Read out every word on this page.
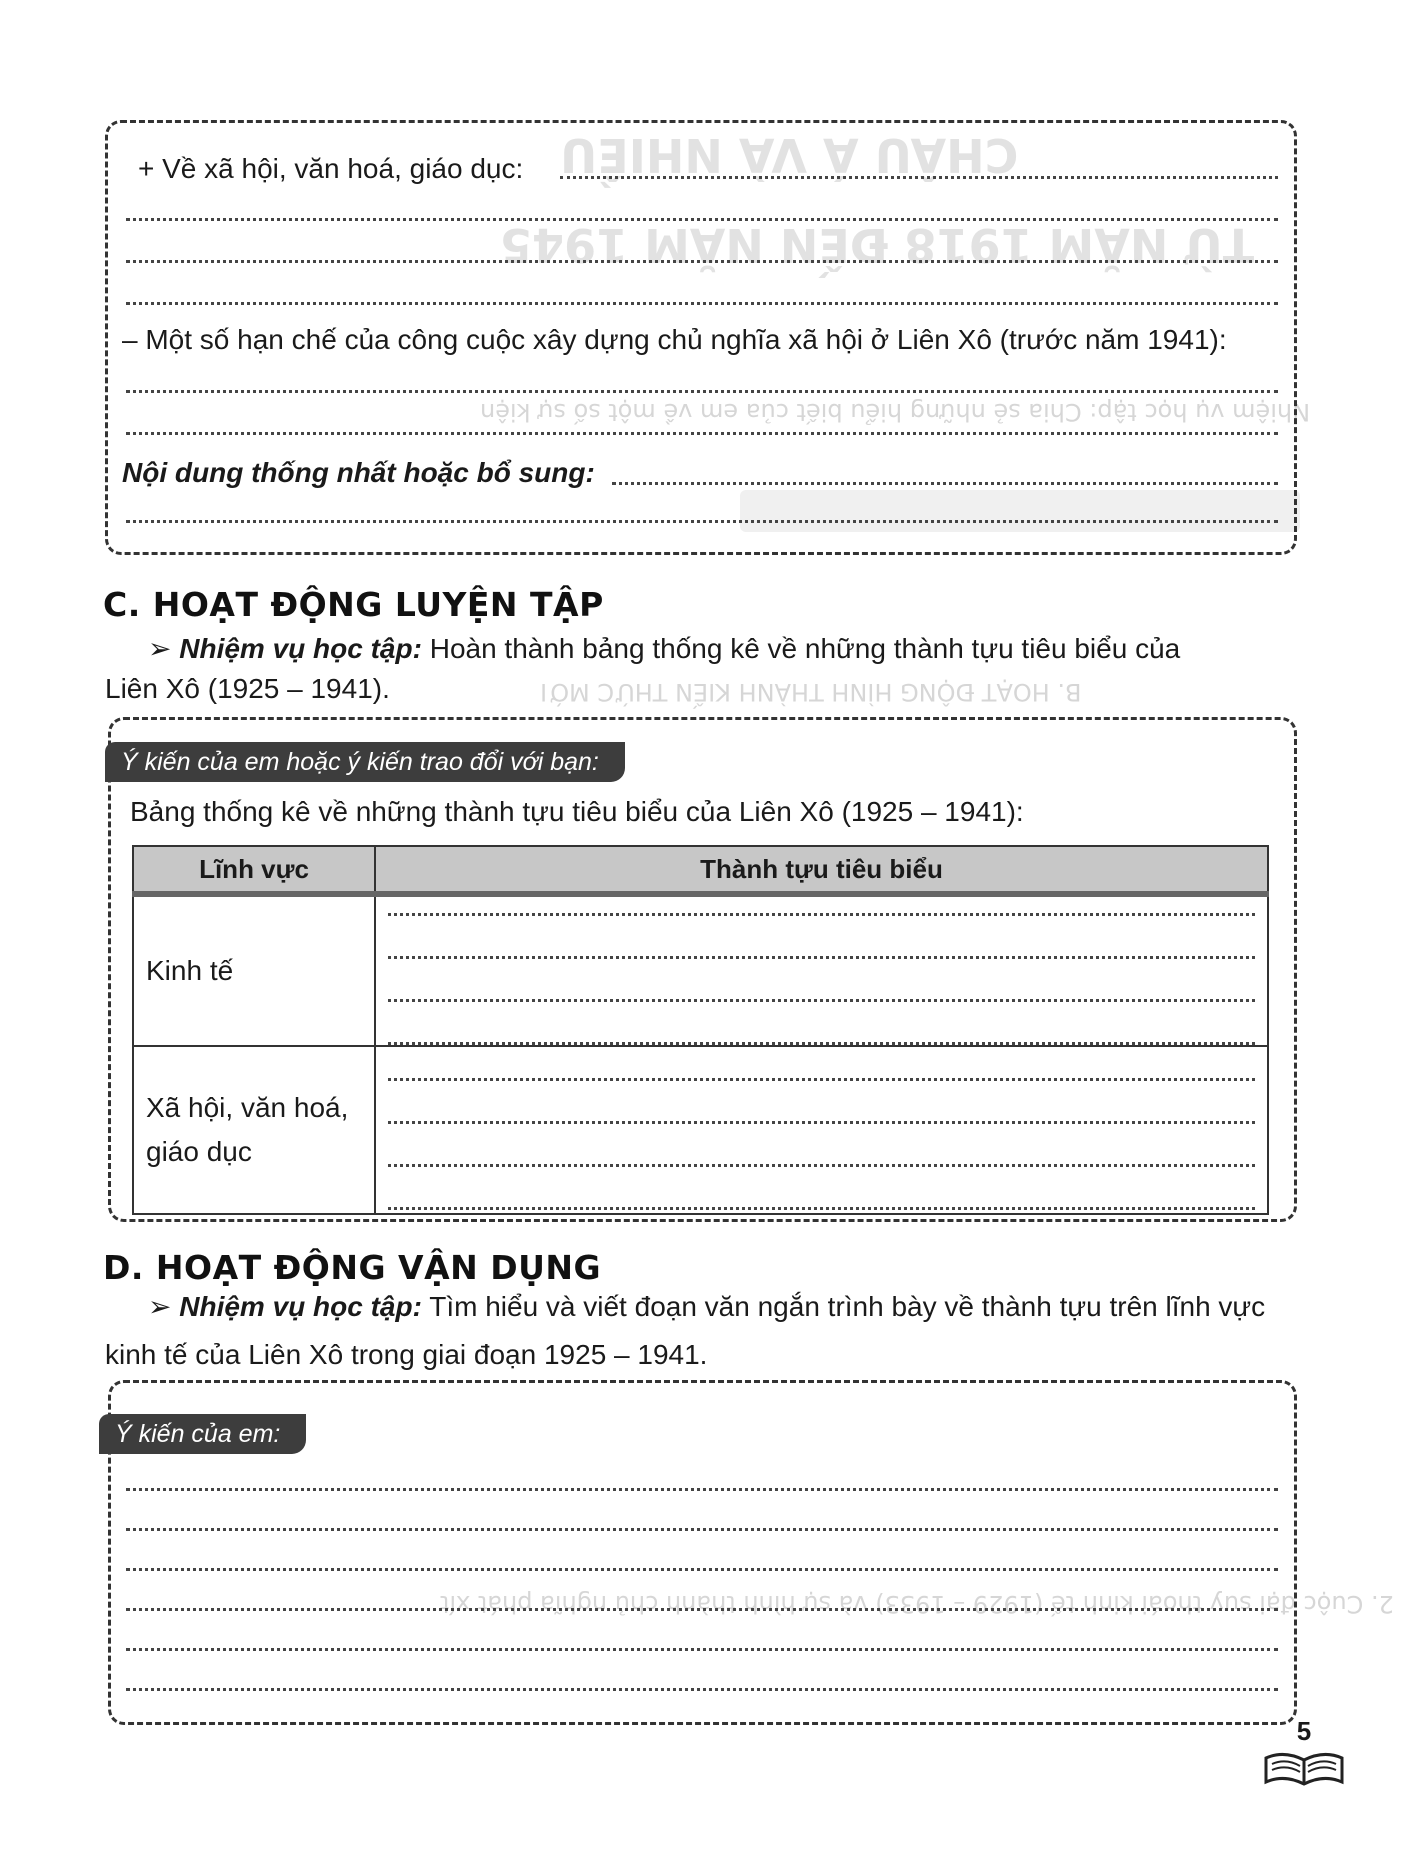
CHÂU Á VÀ NHIỀU
TỪ NĂM 1918 ĐẾN NĂM 1945
Nhiệm vụ học tập: Chia sẻ những hiểu biết của em về một số sự kiện
B. HOẠT ĐỘNG HÌNH THÀNH KIẾN THỨC MỚI
2. Cuộc đại suy thoái kinh tế (1929 – 1933) và sự hình thành chủ nghĩa phát xít
+ Về xã hội, văn hoá, giáo dục:
– Một số hạn chế của công cuộc xây dựng chủ nghĩa xã hội ở Liên Xô (trước năm 1941):
Nội dung thống nhất hoặc bổ sung:
C. HOẠT ĐỘNG LUYỆN TẬP
➢ Nhiệm vụ học tập: Hoàn thành bảng thống kê về những thành tựu tiêu biểu của
Liên Xô (1925 – 1941).
Ý kiến của em hoặc ý kiến trao đổi với bạn:
Bảng thống kê về những thành tựu tiêu biểu của Liên Xô (1925 – 1941):
Lĩnh vực	Thành tựu tiêu biểu

Kinh tế	

Xã hội, văn hoá,
giáo dục	

D. HOẠT ĐỘNG VẬN DỤNG
➢ Nhiệm vụ học tập: Tìm hiểu và viết đoạn văn ngắn trình bày về thành tựu trên lĩnh vực
kinh tế của Liên Xô trong giai đoạn 1925 – 1941.
Ý kiến của em:
5
